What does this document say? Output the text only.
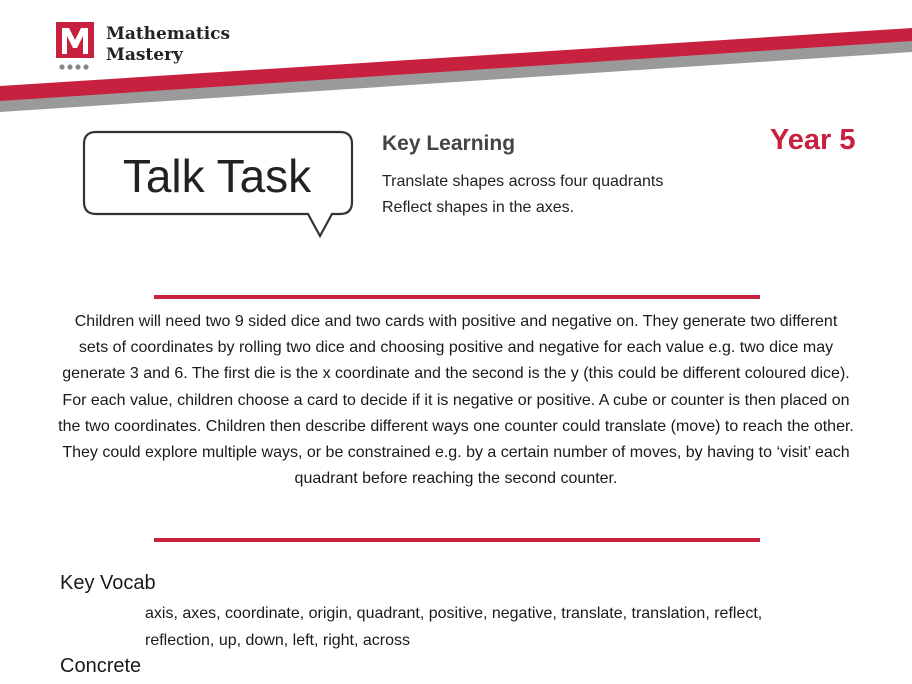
Mathematics
Mastery
Talk Task
Key Learning
Translate shapes across four quadrants
Reflect shapes in the axes.
Year 5
Children will need two 9 sided dice and two cards with positive and negative on. They generate two different sets of coordinates by rolling two dice and choosing positive and negative for each value e.g. two dice may generate 3 and 6. The first die is the x coordinate and the second is the y (this could be different coloured dice). For each value, children choose a card to decide if it is negative or positive. A cube or counter is then placed on the two coordinates. Children then describe different ways one counter could translate (move) to reach the other. They could explore multiple ways, or be constrained e.g. by a certain number of moves, by having to ‘visit’ each quadrant before reaching the second counter.
Key Vocab
axis, axes, coordinate, origin, quadrant, positive, negative, translate, translation, reflect, reflection, up, down, left, right, across
Concrete
